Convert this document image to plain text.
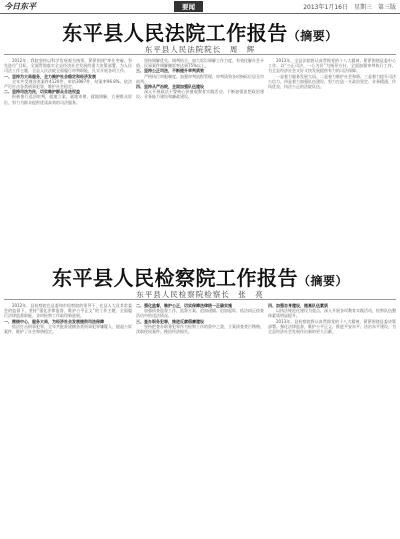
今日东平	要闻	2013年1月16日 星期三 第三版
东平县人民法院工作报告（摘要）
东平县人民法院院长　周　辉

2012年，我院坚持以科学发展观为统领，紧紧围绕“率先突破，争先进位”目标，全面贯彻落实全县经济社会发展的重大决策部署，为人民司法工作主题，全县人民法院全面履行审判职能，扎实开展各项工作。

一、坚持为大局服务，全力维护社会稳定和经济发展

全年共受理各类案件4120件，审结3987件，结案率96.8%。依法严厉打击各类刑事犯罪，维护社会稳定。

二、坚持司法为民，切实维护群众合法权益

积极推行巡回审判，就地立案、就地审理、就地调解，方便群众诉讼，努力为群众提供优质高效的司法服务。

坚持调解优先、调判结合，加大诉讼调解工作力度，有效化解社会矛盾，民事案件调解撤诉率达到75%以上。

三、坚持公正司法，不断提升审判质效

严格执行审限制度，加强审判流程管理，审判质效各项指标位居全市前列。

四、坚持从严治院，全面加强队伍建设

深入开展政法干警核心价值观教育实践活动，不断加强思想政治建设、业务能力建设和廉政建设。

2013年，全县法院将认真贯彻党的十八大精神，紧紧围绕县委中心工作，以“公正司法、一心为民”为指导方针，全面加强审判执行工作，为全县经济社会又好又快发展提供有力的司法保障。

一是着力服务发展大局。二是着力维护社会和谐。三是着力提升司法公信力。四是着力加强队伍建设，努力打造一支政治坚定、业务精通、作风优良、执法公正的法院队伍。

东平县人民检察院工作报告（摘要）
东平县人民检察院检察长　张　亮

2012年，县检察院在县委和市检察院的领导下，在县人大及其常委会的监督下，坚持“强化法律监督，维护公平正义”的工作主题，全面履行法律监督职能，各项检察工作取得新进展。

一、围绕中心，服务大局，为经济社会发展提供司法保障

依法打击刑事犯罪，全年共批准逮捕各类刑事犯罪嫌疑人，提起公诉案件，维护了社会和谐稳定。

二、强化监督，维护公正，切实保障法律统一正确实施

加强侦查监督工作，监督立案、追加逮捕、追加起诉，依法纠正侦查活动中的违法情况。

三、查办职务犯罪，推进反腐倡廉建设

坚持把查办职务犯罪作为检察工作的重中之重，立案侦查贪污贿赂、渎职侵权案件，挽回经济损失。

四、加强自身建设，提高队伍素质

以执法规范化建设为重点，深入开展各项教育实践活动，检察队伍整体素质明显提升。

2013年，县检察院将认真贯彻党的十八大精神，紧紧围绕县委决策部署，强化法律监督，维护公平正义，推进平安东平、法治东平建设，为全县经济社会发展作出新的更大贡献。
